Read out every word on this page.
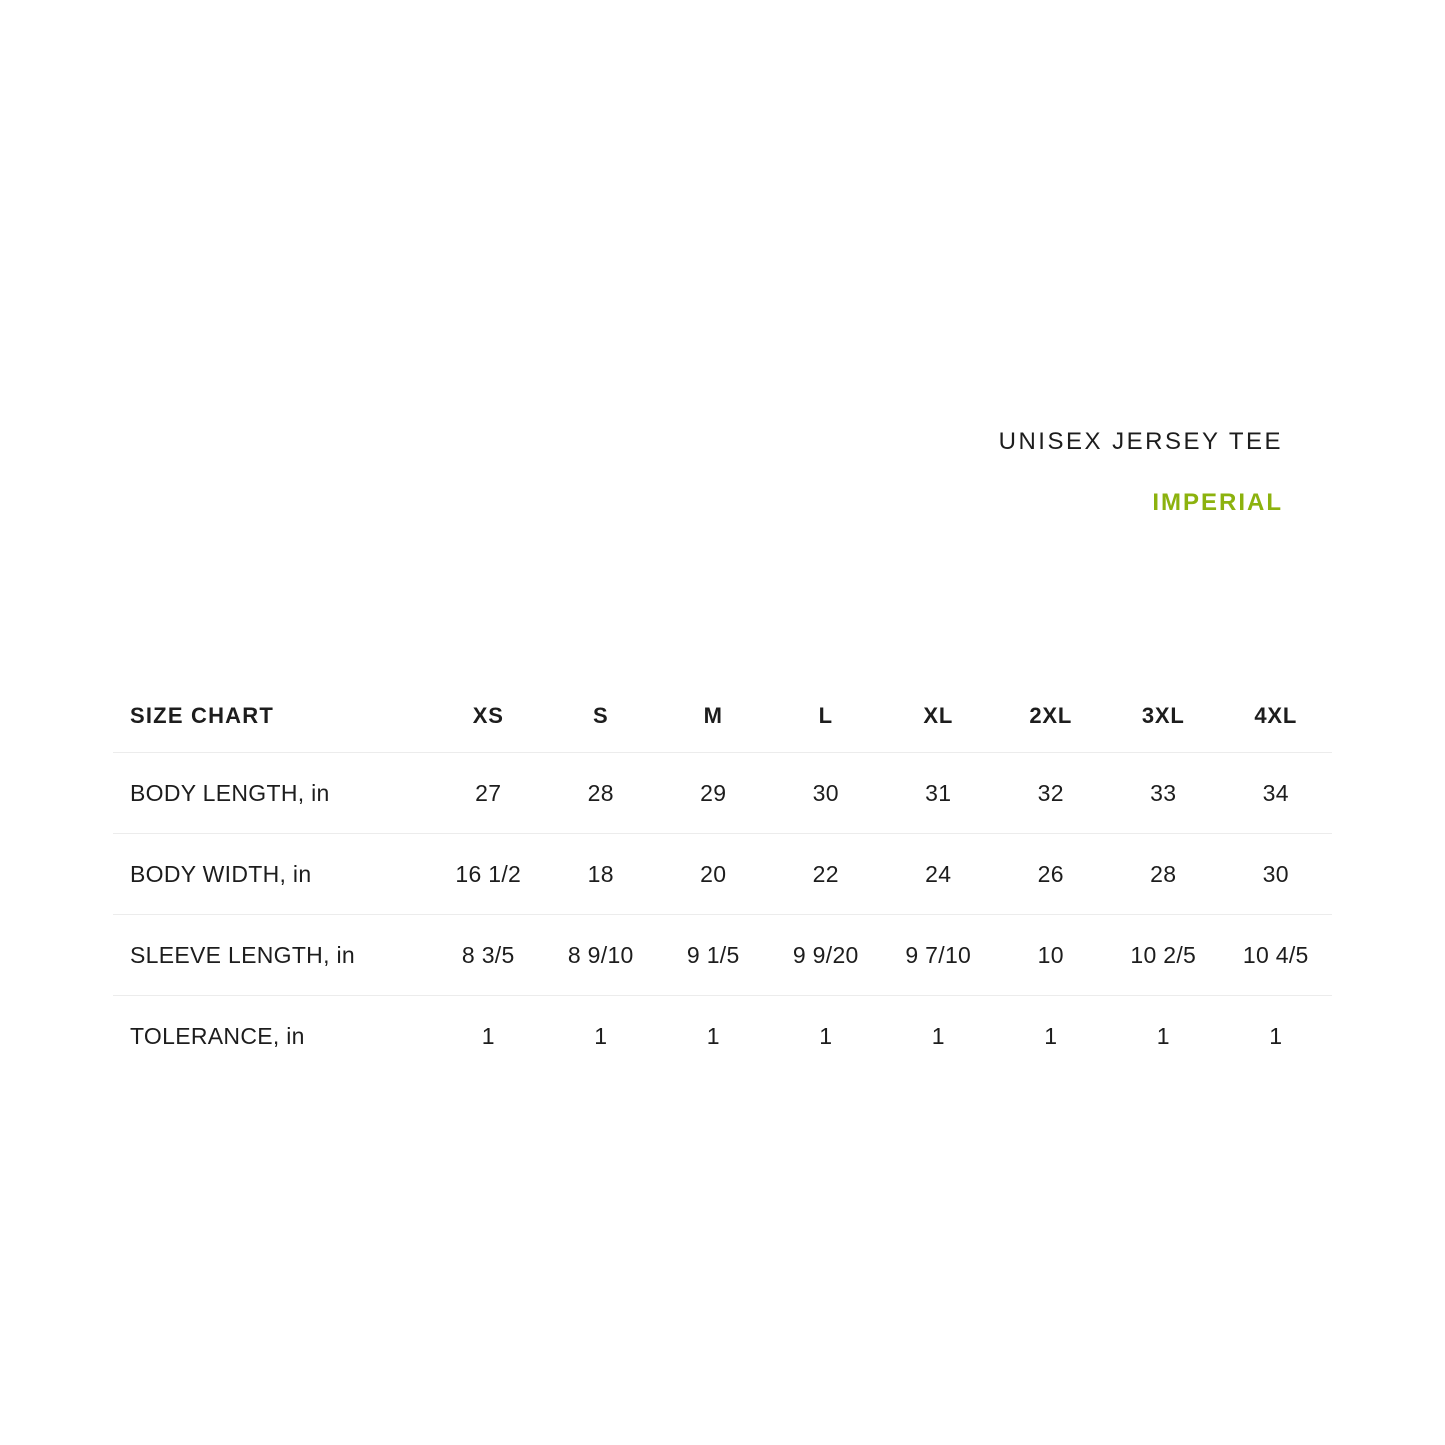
UNISEX JERSEY TEE
IMPERIAL
SIZE CHART	XS	S	M	L	XL	2XL	3XL	4XL
BODY LENGTH, in	27	28	29	30	31	32	33	34
BODY WIDTH, in	16 1/2	18	20	22	24	26	28	30
SLEEVE LENGTH, in	8 3/5	8 9/10	9 1/5	9 9/20	9 7/10	10	10 2/5	10 4/5
TOLERANCE, in	1	1	1	1	1	1	1	1
